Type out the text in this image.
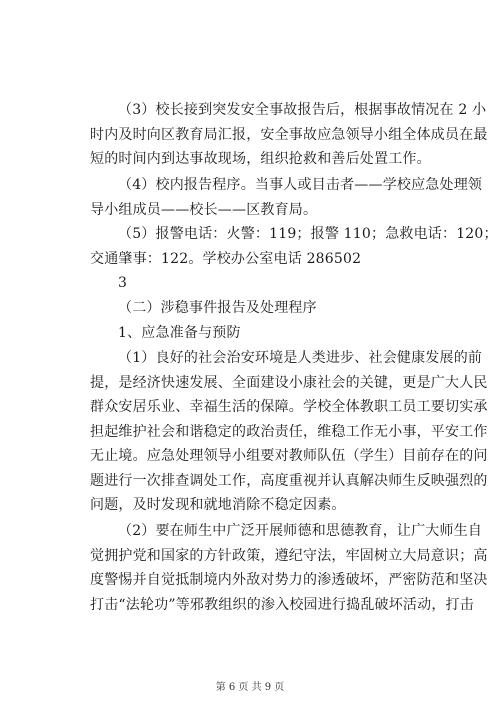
（3）校长接到突发安全事故报告后，根据事故情况在 2 小
时内及时向区教育局汇报，安全事故应急领导小组全体成员在最
短的时间内到达事故现场，组织抢救和善后处置工作。
（4）校内报告程序。当事人或目击者——学校应急处理领
导小组成员——校长——区教育局。
（5）报警电话：火警：119；报警 110；急救电话：120；
交通肇事：122。学校办公室电话 286502
3
（二）涉稳事件报告及处理程序
1、应急准备与预防
（1）良好的社会治安环境是人类进步、社会健康发展的前
提，是经济快速发展、全面建设小康社会的关键，更是广大人民
群众安居乐业、幸福生活的保障。学校全体教职工员工要切实承
担起维护社会和谐稳定的政治责任，维稳工作无小事，平安工作
无止境。应急处理领导小组要对教师队伍（学生）目前存在的问
题进行一次排查调处工作，高度重视并认真解决师生反映强烈的
问题，及时发现和就地消除不稳定因素。
（2）要在师生中广泛开展师德和思德教育，让广大师生自
觉拥护党和国家的方针政策，遵纪守法，牢固树立大局意识；高
度警惕并自觉抵制境内外敌对势力的渗透破坏，严密防范和坚决
打击“法轮功”等邪教组织的渗入校园进行捣乱破坏活动，打击
第 6 页 共 9 页
